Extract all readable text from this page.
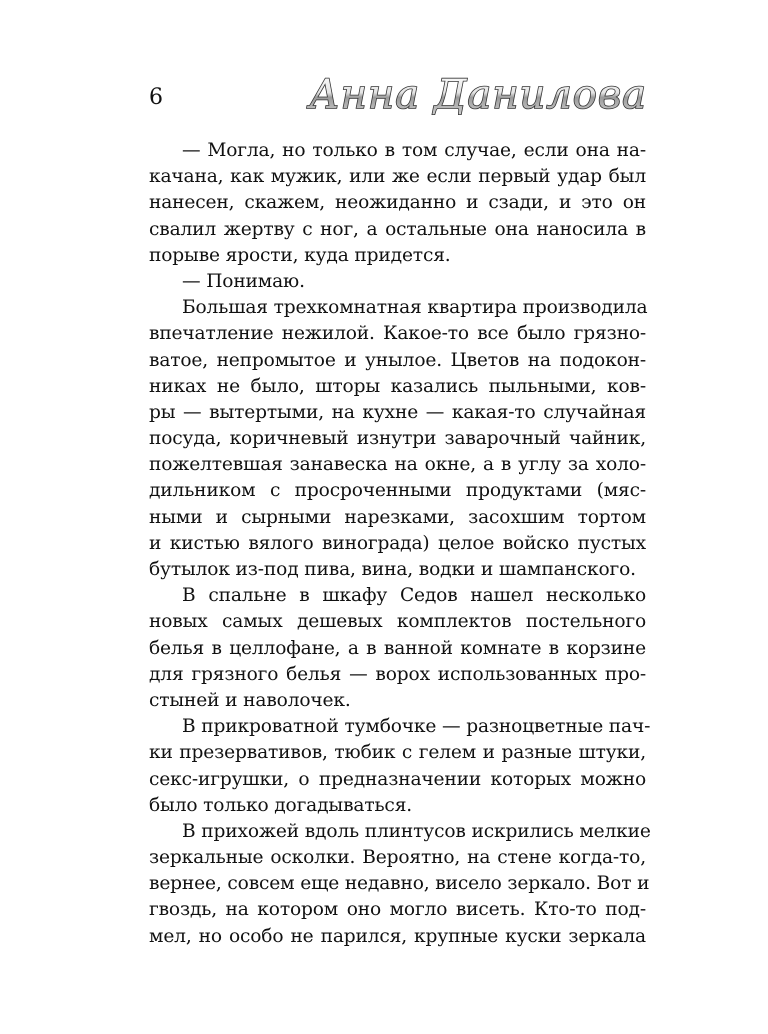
6	Анна Данилова
— Могла, но только в том случае, если она на-
качана, как мужик, или же если первый удар был
нанесен, скажем, неожиданно и сзади, и это он
свалил жертву с ног, а остальные она наносила в
порыве ярости, куда придется.
— Понимаю.
Большая трехкомнатная квартира производила
впечатление нежилой. Какое-то все было грязно-
ватое, непромытое и унылое. Цветов на подокон-
никах не было, шторы казались пыльными, ков-
ры — вытертыми, на кухне — какая-то случайная
посуда, коричневый изнутри заварочный чайник,
пожелтевшая занавеска на окне, а в углу за холо-
дильником с просроченными продуктами (мяс-
ными и сырными нарезками, засохшим тортом
и кистью вялого винограда) целое войско пустых
бутылок из-под пива, вина, водки и шампанского.
В спальне в шкафу Седов нашел несколько
новых самых дешевых комплектов постельного
белья в целлофане, а в ванной комнате в корзине
для грязного белья — ворох использованных про-
стыней и наволочек.
В прикроватной тумбочке — разноцветные пач-
ки презервативов, тюбик с гелем и разные штуки,
секс-игрушки, о предназначении которых можно
было только догадываться.
В прихожей вдоль плинтусов искрились мелкие
зеркальные осколки. Вероятно, на стене когда-то,
вернее, совсем еще недавно, висело зеркало. Вот и
гвоздь, на котором оно могло висеть. Кто-то под-
мел, но особо не парился, крупные куски зеркала
